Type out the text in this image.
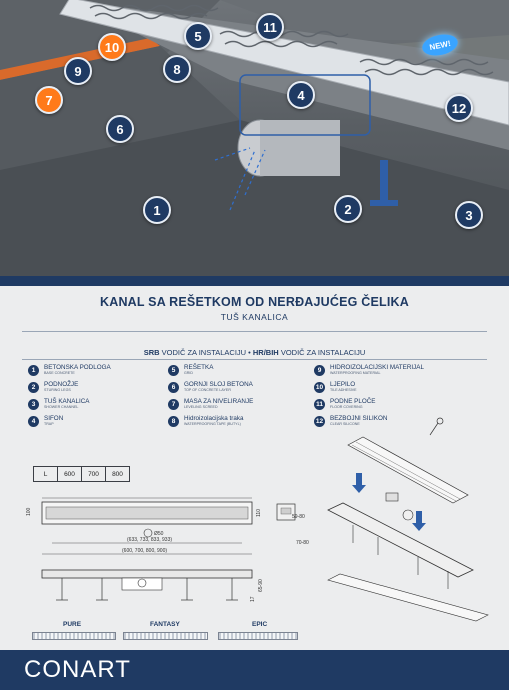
NEW!
1	2	3
4
5
6
7
8
9
10
11
12
KANAL SA REŠETKOM OD NERĐAJUĆEG ČELIKA
TUŠ KANALICA
SRB VODIČ ZA INSTALACIJU • HR/BIH VODIČ ZA INSTALACIJU
1	BETONSKA PODLOGA
BASE CONCRETE
2	PODNOŽJE
STURING LEGS
3	TUŠ KANALICA
SHOWER CHANNEL
4	SIFON
TRAP
5	REŠETKA
GRID
6	GORNJI SLOJ BETONA
TOP OF CONCRETE LAYER
7	MASA ZA NIVELIRANJE
LEVELING SCREED
8	Hidroizolacijska traka
WATERPROOFING TAPE (BUTYL)
9	HIDROIZOLACIJSKI MATERIJAL
WATERPROOFING MATERIAL
10	LJEPILO
TILE ADHESIVE
11	PODNE PLOČE
FLOOR COVERING
12	BEZBOJNI SILIKON
CLEAR SILICONE
L	600	700	800
100	110
Ø50
(633, 733, 833, 933)
(600, 700, 800, 900)
65-90
17
70-80
59-80
PURE	FANTASY	EPIC
CONART
